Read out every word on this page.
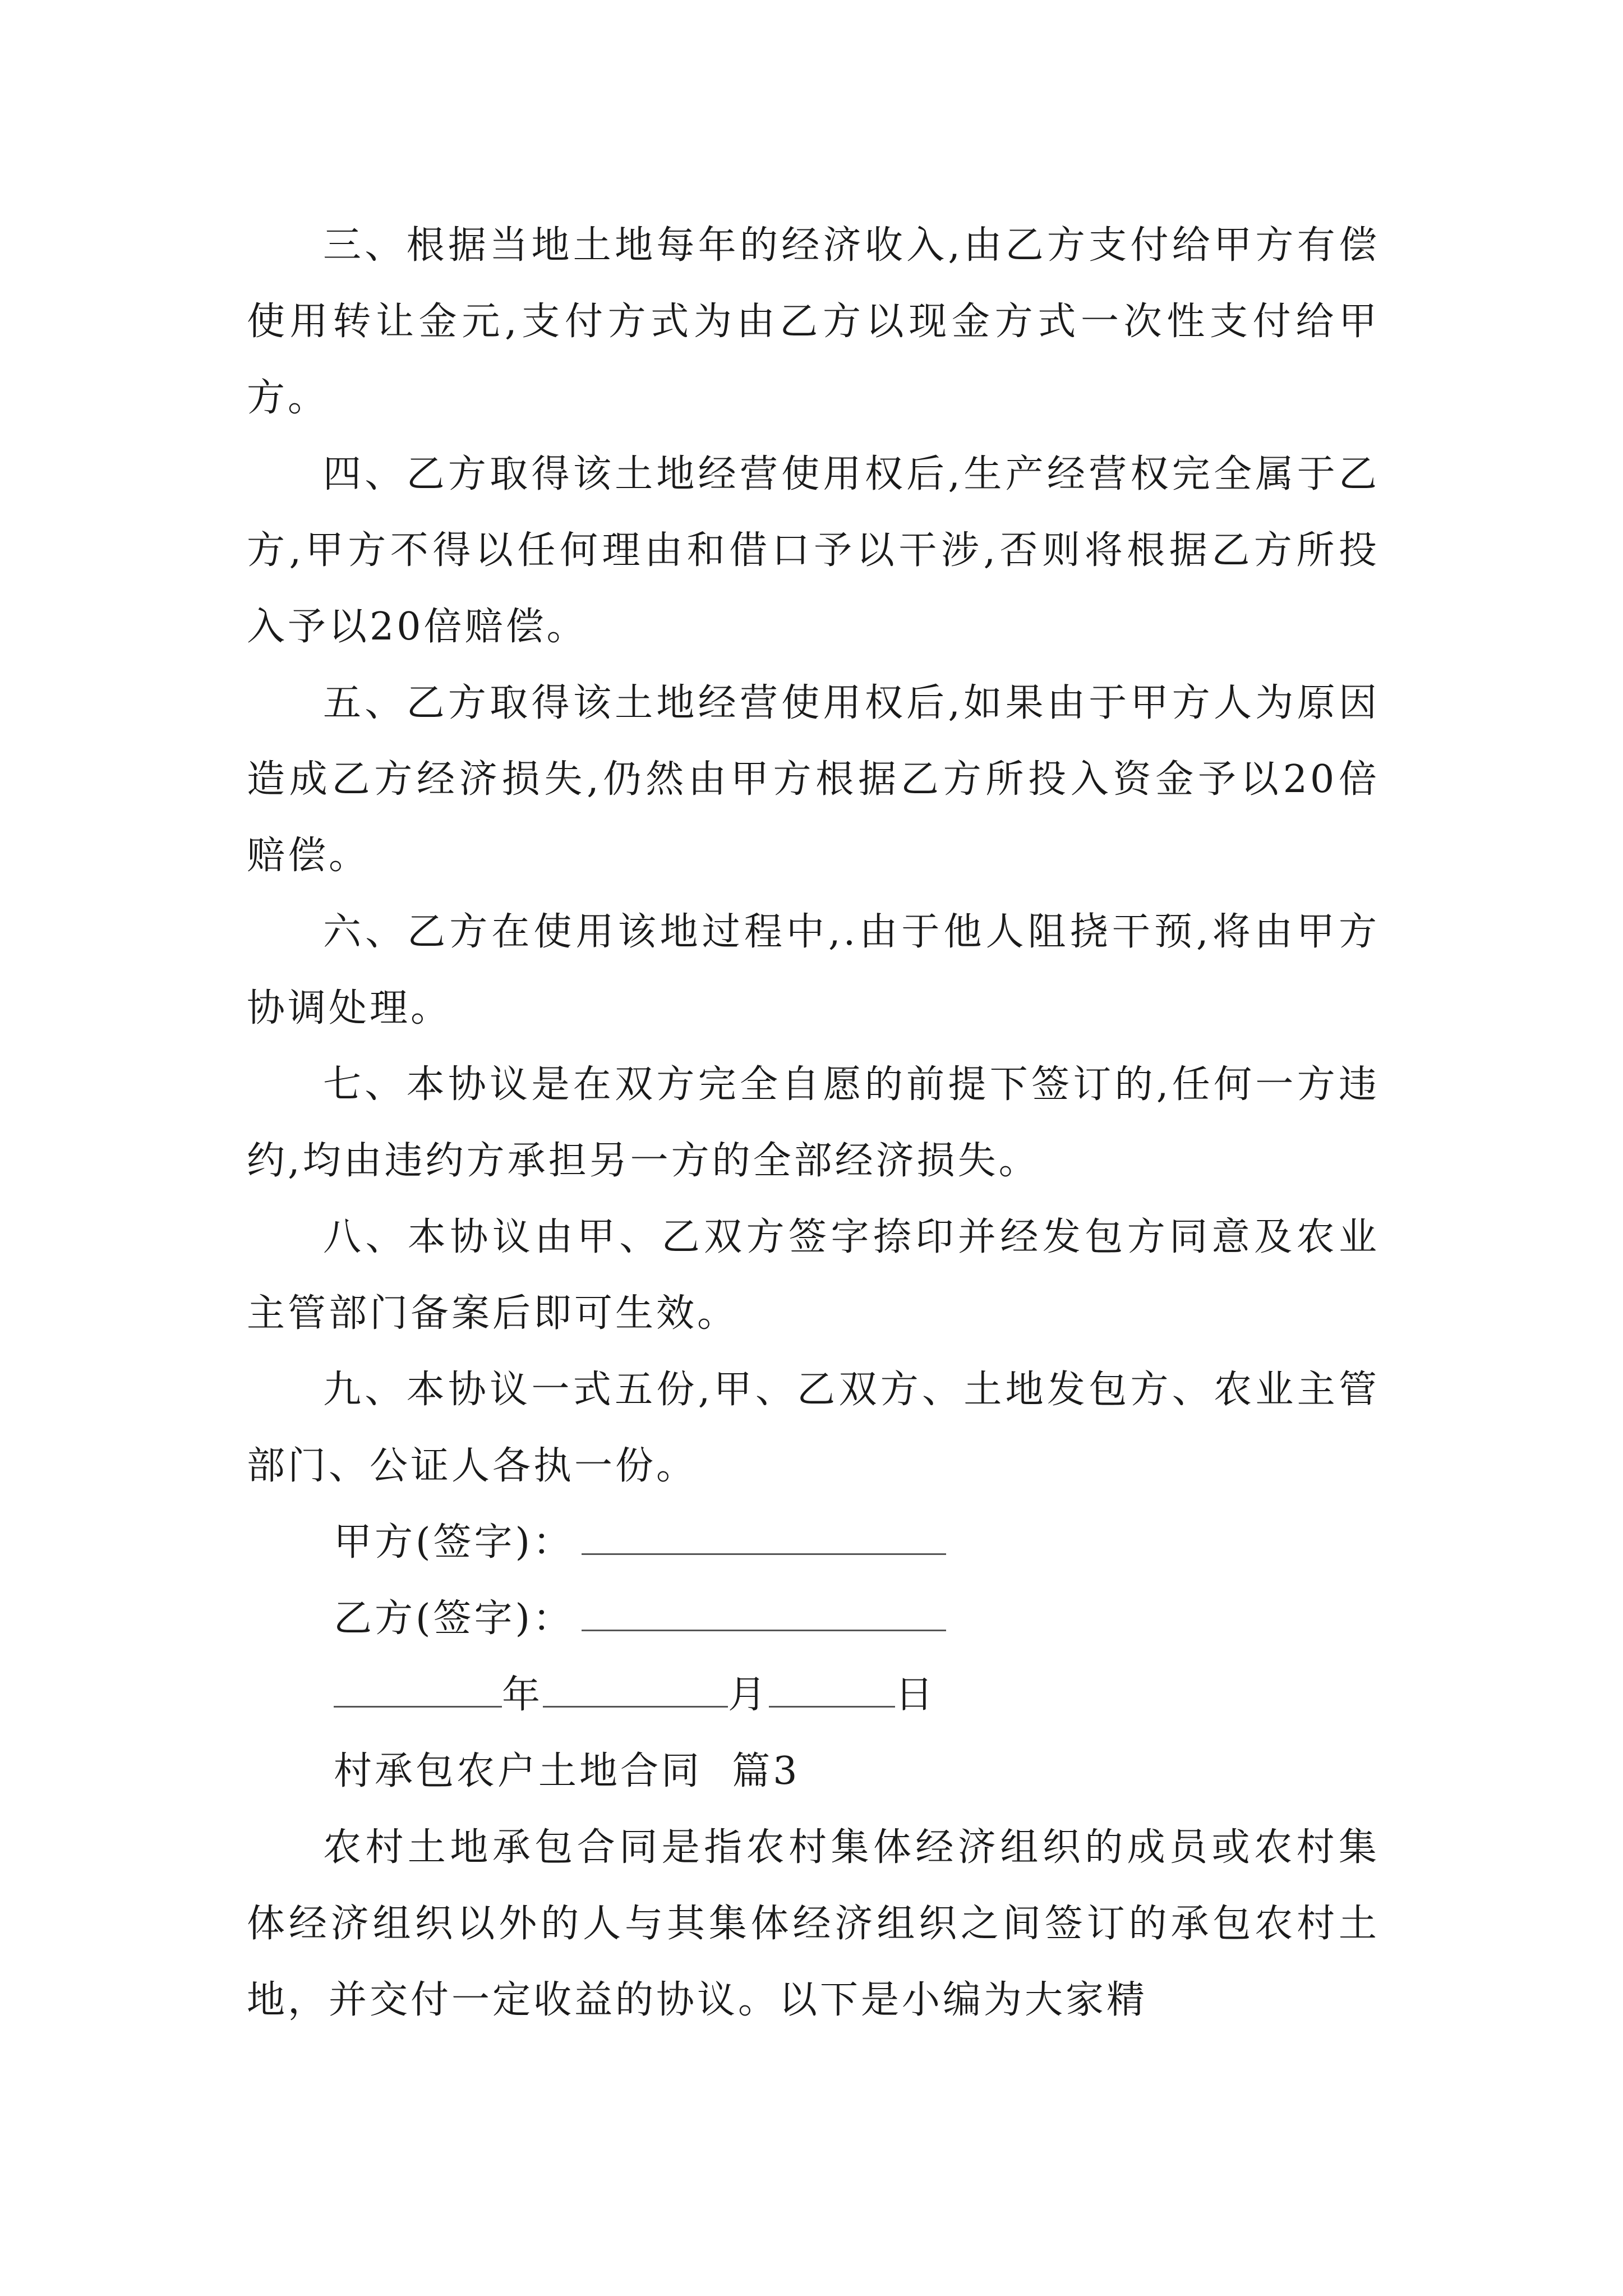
三、根据当地土地每年的经济收入,由乙方支付给甲方有偿使用转让金元,支付方式为由乙方以现金方式一次性支付给甲方。

四、乙方取得该土地经营使用权后,生产经营权完全属于乙方,甲方不得以任何理由和借口予以干涉,否则将根据乙方所投入予以20倍赔偿。

五、乙方取得该土地经营使用权后,如果由于甲方人为原因造成乙方经济损失,仍然由甲方根据乙方所投入资金予以20倍赔偿。

六、乙方在使用该地过程中,.由于他人阻挠干预,将由甲方协调处理。

七、本协议是在双方完全自愿的前提下签订的,任何一方违约,均由违约方承担另一方的全部经济损失。

八、本协议由甲、乙双方签字捺印并经发包方同意及农业主管部门备案后即可生效。

九、本协议一式五份,甲、乙双方、土地发包方、农业主管部门、公证人各执一份。

甲方(签字)：

乙方(签字)：

年	月	日

村承包农户土地合同  篇3

农村土地承包合同是指农村集体经济组织的成员或农村集体经济组织以外的人与其集体经济组织之间签订的承包农村土地，并交付一定收益的协议。以下是小编为大家精
